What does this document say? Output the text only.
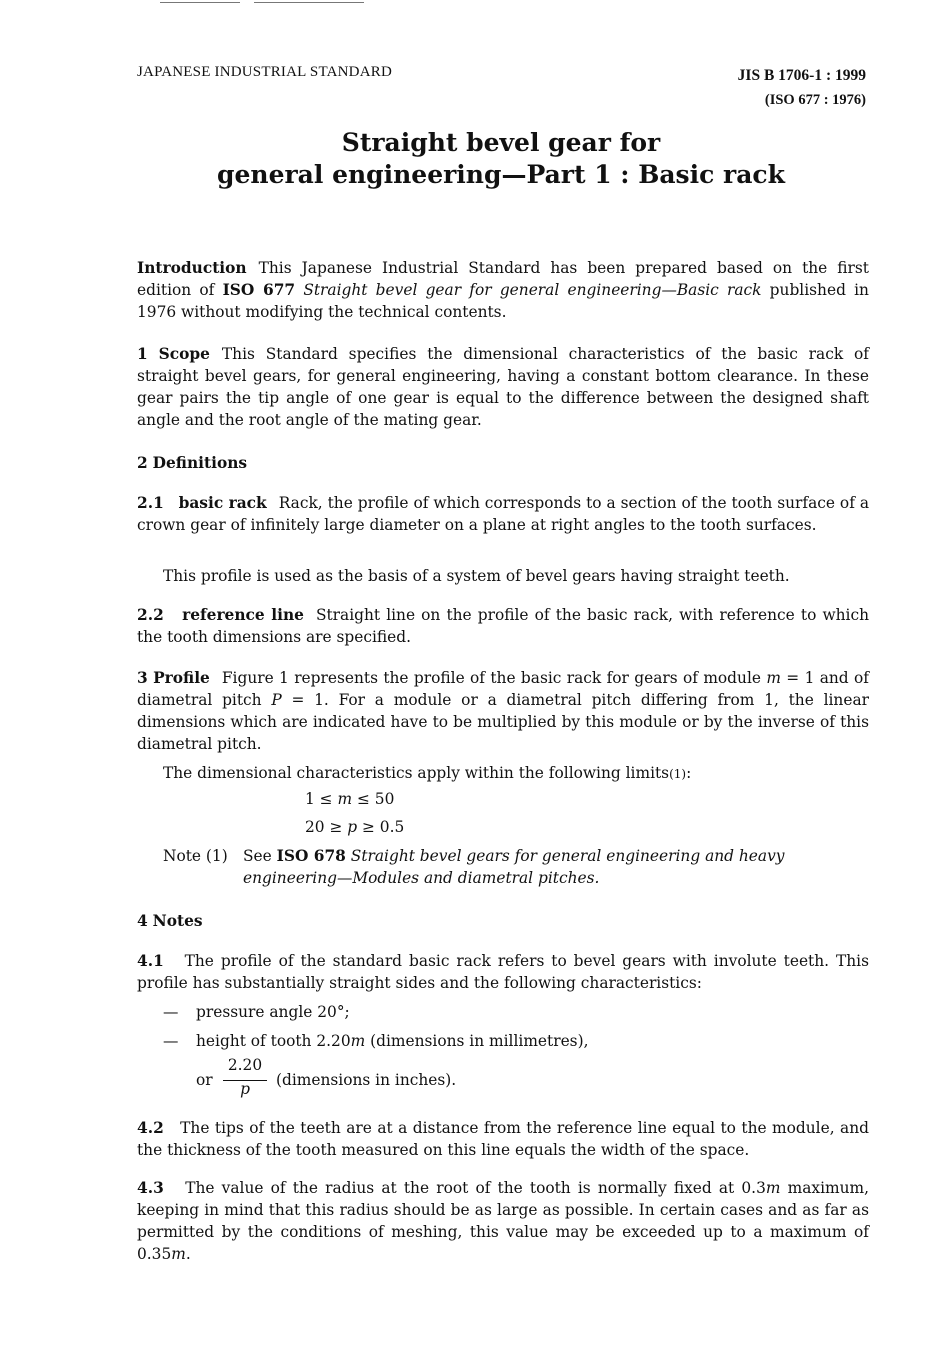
JAPANESE INDUSTRIAL STANDARD	JIS B 1706-1 : 1999
(ISO 677 : 1976)
Straight bevel gear for
general engineering—Part 1 : Basic rack

Introduction This Japanese Industrial Standard has been prepared based on the first edition of ISO 677 Straight bevel gear for general engineering—Basic rack published in 1976 without modifying the technical contents.

1 Scope This Standard specifies the dimensional characteristics of the basic rack of straight bevel gears, for general engineering, having a constant bottom clearance. In these gear pairs the tip angle of one gear is equal to the difference between the designed shaft angle and the root angle of the mating gear.

2 Definitions

2.1 basic rack Rack, the profile of which corresponds to a section of the tooth surface of a crown gear of infinitely large diameter on a plane at right angles to the tooth surfaces.

This profile is used as the basis of a system of bevel gears having straight teeth.

2.2 reference line Straight line on the profile of the basic rack, with reference to which the tooth dimensions are specified.

3 Profile Figure 1 represents the profile of the basic rack for gears of module m = 1 and of diametral pitch P = 1. For a module or a diametral pitch differing from 1, the linear dimensions which are indicated have to be multiplied by this module or by the inverse of this diametral pitch.

The dimensional characteristics apply within the following limits(1):

1 ≤ m ≤ 50
20 ≥ p ≥ 0.5
Note (1) See ISO 678 Straight bevel gears for general engineering and heavy engineering—Modules and diametral pitches.

4 Notes

4.1 The profile of the standard basic rack refers to bevel gears with involute teeth. This profile has substantially straight sides and the following characteristics:

— pressure angle 20°;
— height of tooth 2.20m (dimensions in millimetres),
or
2.20
p	(dimensions in inches).

4.2 The tips of the teeth are at a distance from the reference line equal to the module, and the thickness of the tooth measured on this line equals the width of the space.

4.3 The value of the radius at the root of the tooth is normally fixed at 0.3m maximum, keeping in mind that this radius should be as large as possible. In certain cases and as far as permitted by the conditions of meshing, this value may be exceeded up to a maximum of 0.35m.
